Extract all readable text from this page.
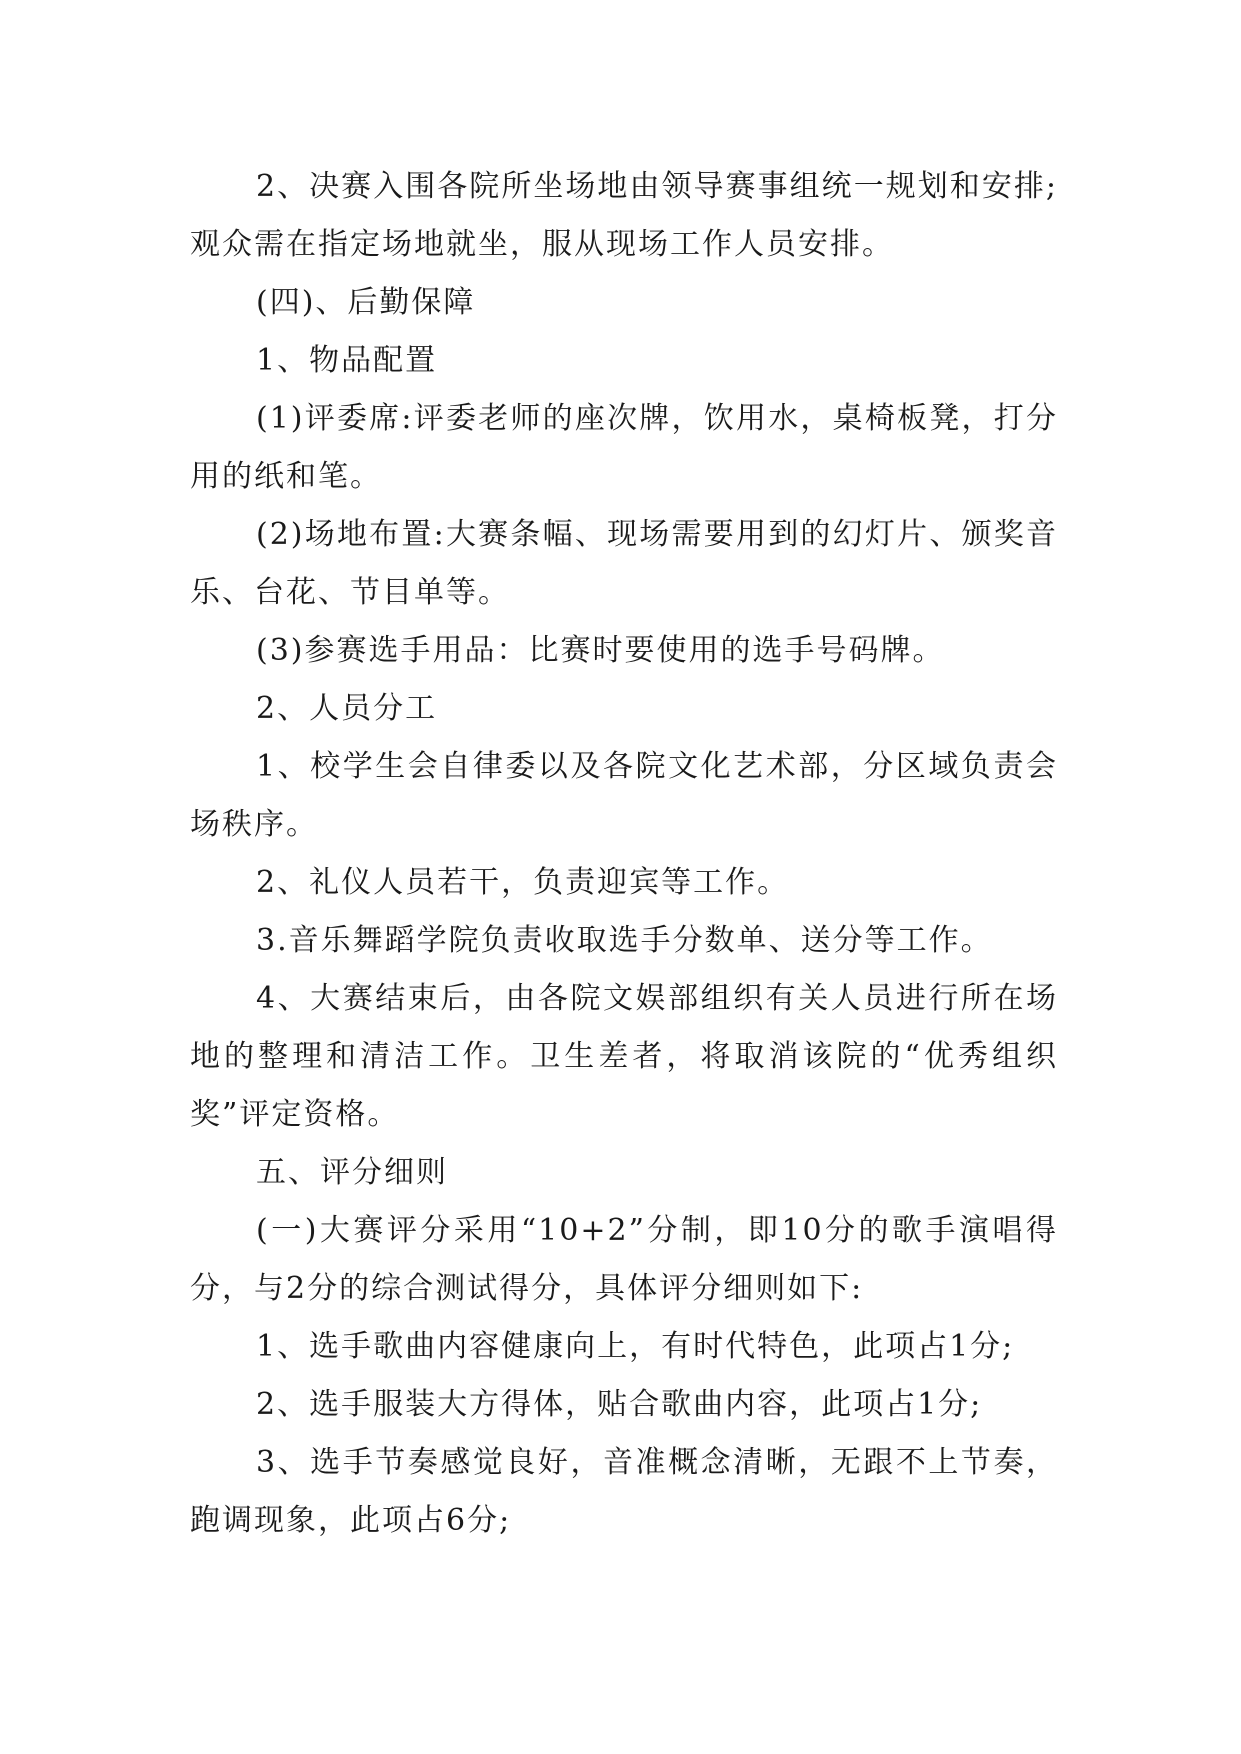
2、决赛入围各院所坐场地由领导赛事组统一规划和安排;观众需在指定场地就坐，服从现场工作人员安排。

(四)、后勤保障

1、物品配置

(1)评委席:评委老师的座次牌，饮用水，桌椅板凳，打分用的纸和笔。

(2)场地布置:大赛条幅、现场需要用到的幻灯片、颁奖音乐、台花、节目单等。

(3)参赛选手用品：比赛时要使用的选手号码牌。

2、人员分工

1、校学生会自律委以及各院文化艺术部，分区域负责会场秩序。

2、礼仪人员若干，负责迎宾等工作。

3.音乐舞蹈学院负责收取选手分数单、送分等工作。

4、大赛结束后，由各院文娱部组织有关人员进行所在场地的整理和清洁工作。卫生差者，将取消该院的“优秀组织奖”评定资格。

五、评分细则

(一)大赛评分采用“10+2”分制，即10分的歌手演唱得分，与2分的综合测试得分，具体评分细则如下:

1、选手歌曲内容健康向上，有时代特色，此项占1分;

2、选手服装大方得体，贴合歌曲内容，此项占1分;

3、选手节奏感觉良好，音准概念清晰，无跟不上节奏，跑调现象，此项占6分;
